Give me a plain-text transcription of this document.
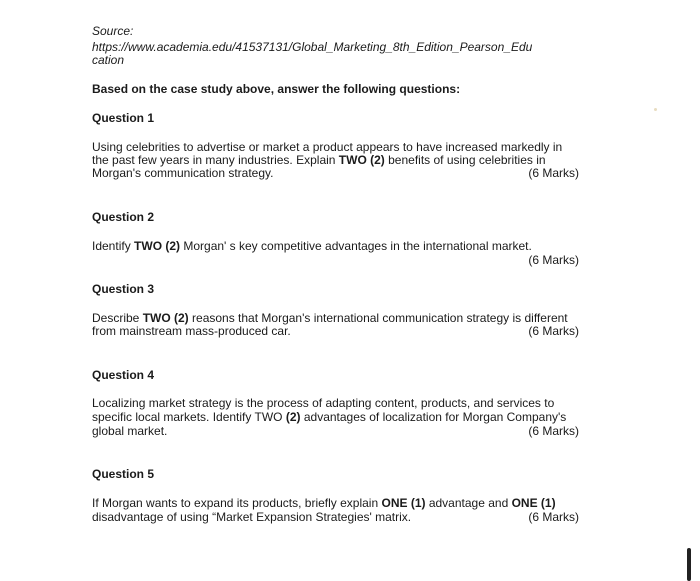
Source:
https://www.academia.edu/41537131/Global_Marketing_8th_Edition_Pearson_Edu
cation
Based on the case study above, answer the following questions:
Question 1
Using celebrities to advertise or market a product appears to have increased markedly in
the past few years in many industries. Explain TWO (2) benefits of using celebrities in
Morgan's communication strategy.	(6 Marks)
Question 2
Identify TWO (2) Morgan' s key competitive advantages in the international market.
(6 Marks)
Question 3
Describe TWO (2) reasons that Morgan's international communication strategy is different
from mainstream mass-produced car.	(6 Marks)
Question 4
Localizing market strategy is the process of adapting content, products, and services to
specific local markets. Identify TWO (2) advantages of localization for Morgan Company's
global market.	(6 Marks)
Question 5
If Morgan wants to expand its products, briefly explain ONE (1) advantage and ONE (1)
disadvantage of using “Market Expansion Strategies' matrix.	(6 Marks)
